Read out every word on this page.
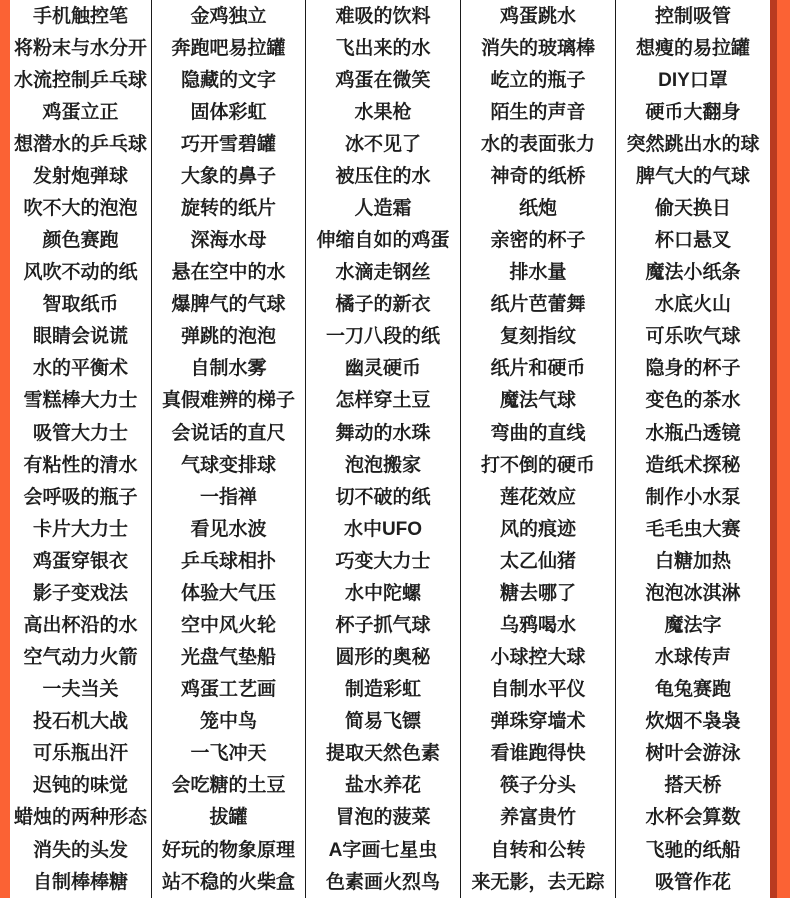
手机触控笔
将粉末与水分开
水流控制乒乓球
鸡蛋立正
想潜水的乒乓球
发射炮弹球
吹不大的泡泡
颜色赛跑
风吹不动的纸
智取纸币
眼睛会说谎
水的平衡术
雪糕棒大力士
吸管大力士
有粘性的清水
会呼吸的瓶子
卡片大力士
鸡蛋穿银衣
影子变戏法
高出杯沿的水
空气动力火箭
一夫当关
投石机大战
可乐瓶出汗
迟钝的味觉
蜡烛的两种形态
消失的头发
自制棒棒糖
金鸡独立
奔跑吧易拉罐
隐藏的文字
固体彩虹
巧开雪碧罐
大象的鼻子
旋转的纸片
深海水母
悬在空中的水
爆脾气的气球
弹跳的泡泡
自制水雾
真假难辨的梯子
会说话的直尺
气球变排球
一指禅
看见水波
乒乓球相扑
体验大气压
空中风火轮
光盘气垫船
鸡蛋工艺画
笼中鸟
一飞冲天
会吃糖的土豆
拔罐
好玩的物象原理
站不稳的火柴盒
难吸的饮料
飞出来的水
鸡蛋在微笑
水果枪
冰不见了
被压住的水
人造霜
伸缩自如的鸡蛋
水滴走钢丝
橘子的新衣
一刀八段的纸
幽灵硬币
怎样穿土豆
舞动的水珠
泡泡搬家
切不破的纸
水中UFO
巧变大力士
水中陀螺
杯子抓气球
圆形的奥秘
制造彩虹
简易飞镖
提取天然色素
盐水养花
冒泡的菠菜
A字画七星虫
色素画火烈鸟
鸡蛋跳水
消失的玻璃棒
屹立的瓶子
陌生的声音
水的表面张力
神奇的纸桥
纸炮
亲密的杯子
排水量
纸片芭蕾舞
复刻指纹
纸片和硬币
魔法气球
弯曲的直线
打不倒的硬币
莲花效应
风的痕迹
太乙仙猪
糖去哪了
乌鸦喝水
小球控大球
自制水平仪
弹珠穿墙术
看谁跑得快
筷子分头
养富贵竹
自转和公转
来无影，去无踪
控制吸管
想瘦的易拉罐
DIY口罩
硬币大翻身
突然跳出水的球
脾气大的气球
偷天换日
杯口悬叉
魔法小纸条
水底火山
可乐吹气球
隐身的杯子
变色的茶水
水瓶凸透镜
造纸术探秘
制作小水泵
毛毛虫大赛
白糖加热
泡泡冰淇淋
魔法字
水球传声
龟兔赛跑
炊烟不袅袅
树叶会游泳
搭天桥
水杯会算数
飞驰的纸船
吸管作花
